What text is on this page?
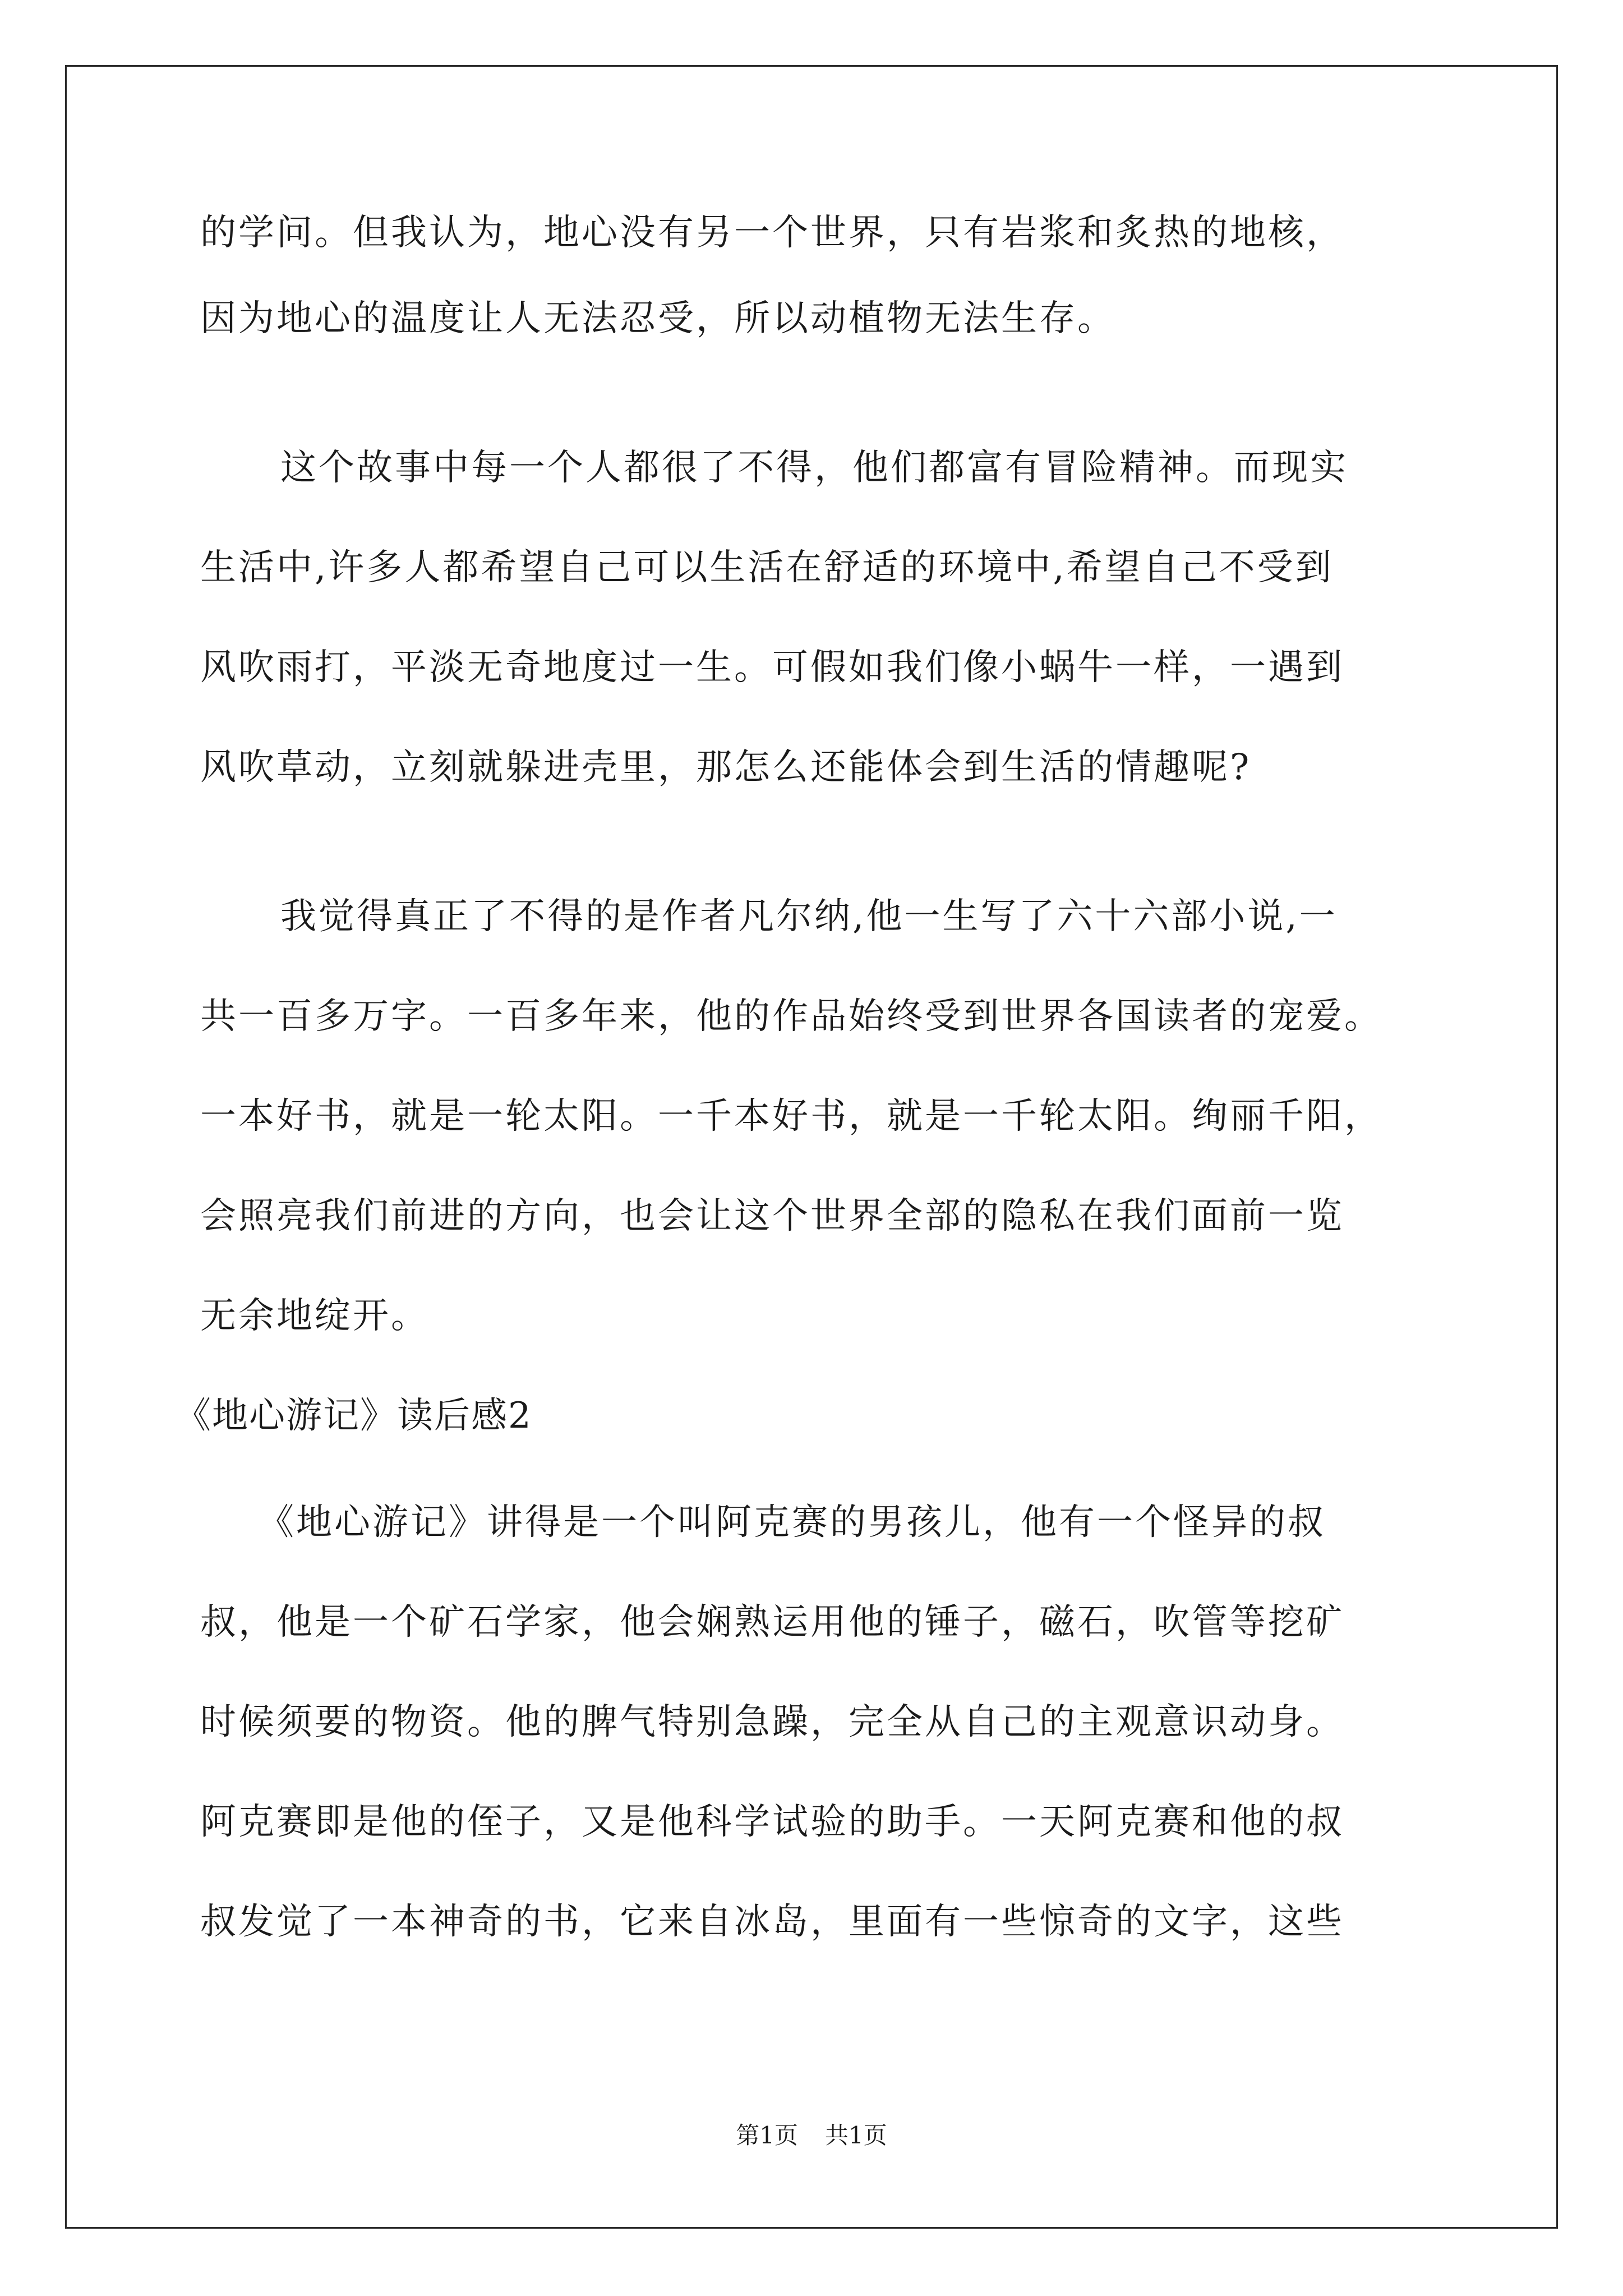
的学问。但我认为，地心没有另一个世界，只有岩浆和炙热的地核，
因为地心的温度让人无法忍受，所以动植物无法生存。
这个故事中每一个人都很了不得，他们都富有冒险精神。而现实
生活中,许多人都希望自己可以生活在舒适的环境中,希望自己不受到
风吹雨打，平淡无奇地度过一生。可假如我们像小蜗牛一样，一遇到
风吹草动，立刻就躲进壳里，那怎么还能体会到生活的情趣呢?
我觉得真正了不得的是作者凡尔纳,他一生写了六十六部小说,一
共一百多万字。一百多年来，他的作品始终受到世界各国读者的宠爱。
一本好书，就是一轮太阳。一千本好书，就是一千轮太阳。绚丽千阳，
会照亮我们前进的方向，也会让这个世界全部的隐私在我们面前一览
无余地绽开。
《地心游记》读后感2
《地心游记》讲得是一个叫阿克赛的男孩儿，他有一个怪异的叔
叔，他是一个矿石学家，他会娴熟运用他的锤子，磁石，吹管等挖矿
时候须要的物资。他的脾气特别急躁，完全从自己的主观意识动身。
阿克赛即是他的侄子，又是他科学试验的助手。一天阿克赛和他的叔
叔发觉了一本神奇的书，它来自冰岛，里面有一些惊奇的文字，这些
第1页 共1页
